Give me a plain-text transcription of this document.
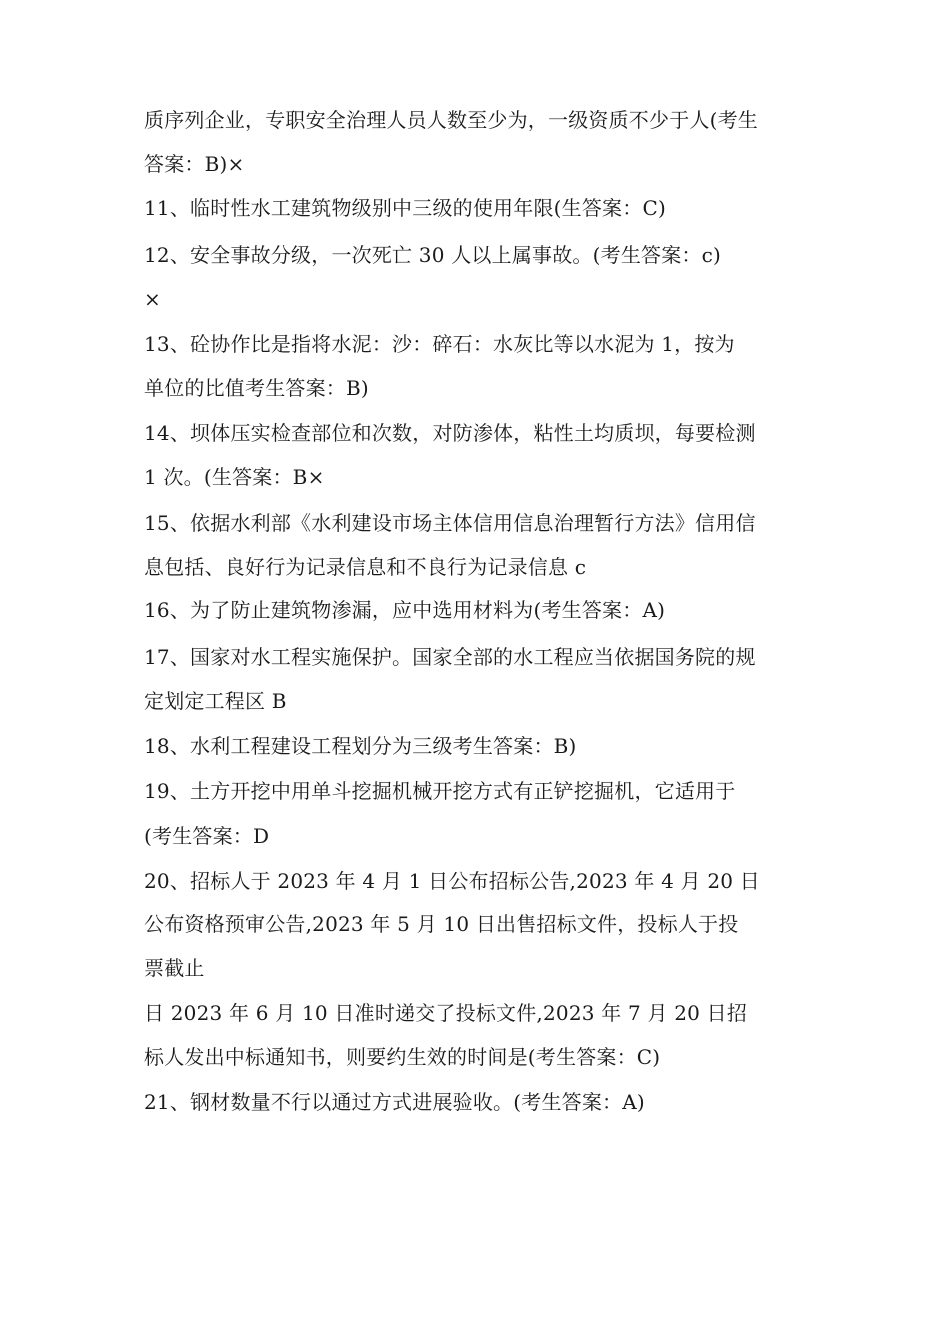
质序列企业，专职安全治理人员人数至少为，一级资质不少于人(考生
答案：B)×
11、临时性水工建筑物级别中三级的使用年限(生答案：C)
12、安全事故分级，一次死亡 30 人以上属事故。(考生答案：c)
×
13、砼协作比是指将水泥：沙：碎石：水灰比等以水泥为 1，按为
单位的比值考生答案：B)
14、坝体压实检查部位和次数，对防渗体，粘性土均质坝，每要检测
1 次。(生答案：B×
15、依据水利部《水利建设市场主体信用信息治理暂行方法》信用信
息包括、良好行为记录信息和不良行为记录信息 c
16、为了防止建筑物渗漏，应中选用材料为(考生答案：A)
17、国家对水工程实施保护。国家全部的水工程应当依据国务院的规
定划定工程区 B
18、水利工程建设工程划分为三级考生答案：B)
19、土方开挖中用单斗挖掘机械开挖方式有正铲挖掘机，它适用于
(考生答案：D
20、招标人于 2023 年 4 月 1 日公布招标公告,2023 年 4 月 20 日
公布资格预审公告,2023 年 5 月 10 日出售招标文件，投标人于投
票截止
日 2023 年 6 月 10 日准时递交了投标文件,2023 年 7 月 20 日招
标人发出中标通知书，则要约生效的时间是(考生答案：C)
21、钢材数量不行以通过方式进展验收。(考生答案：A)
